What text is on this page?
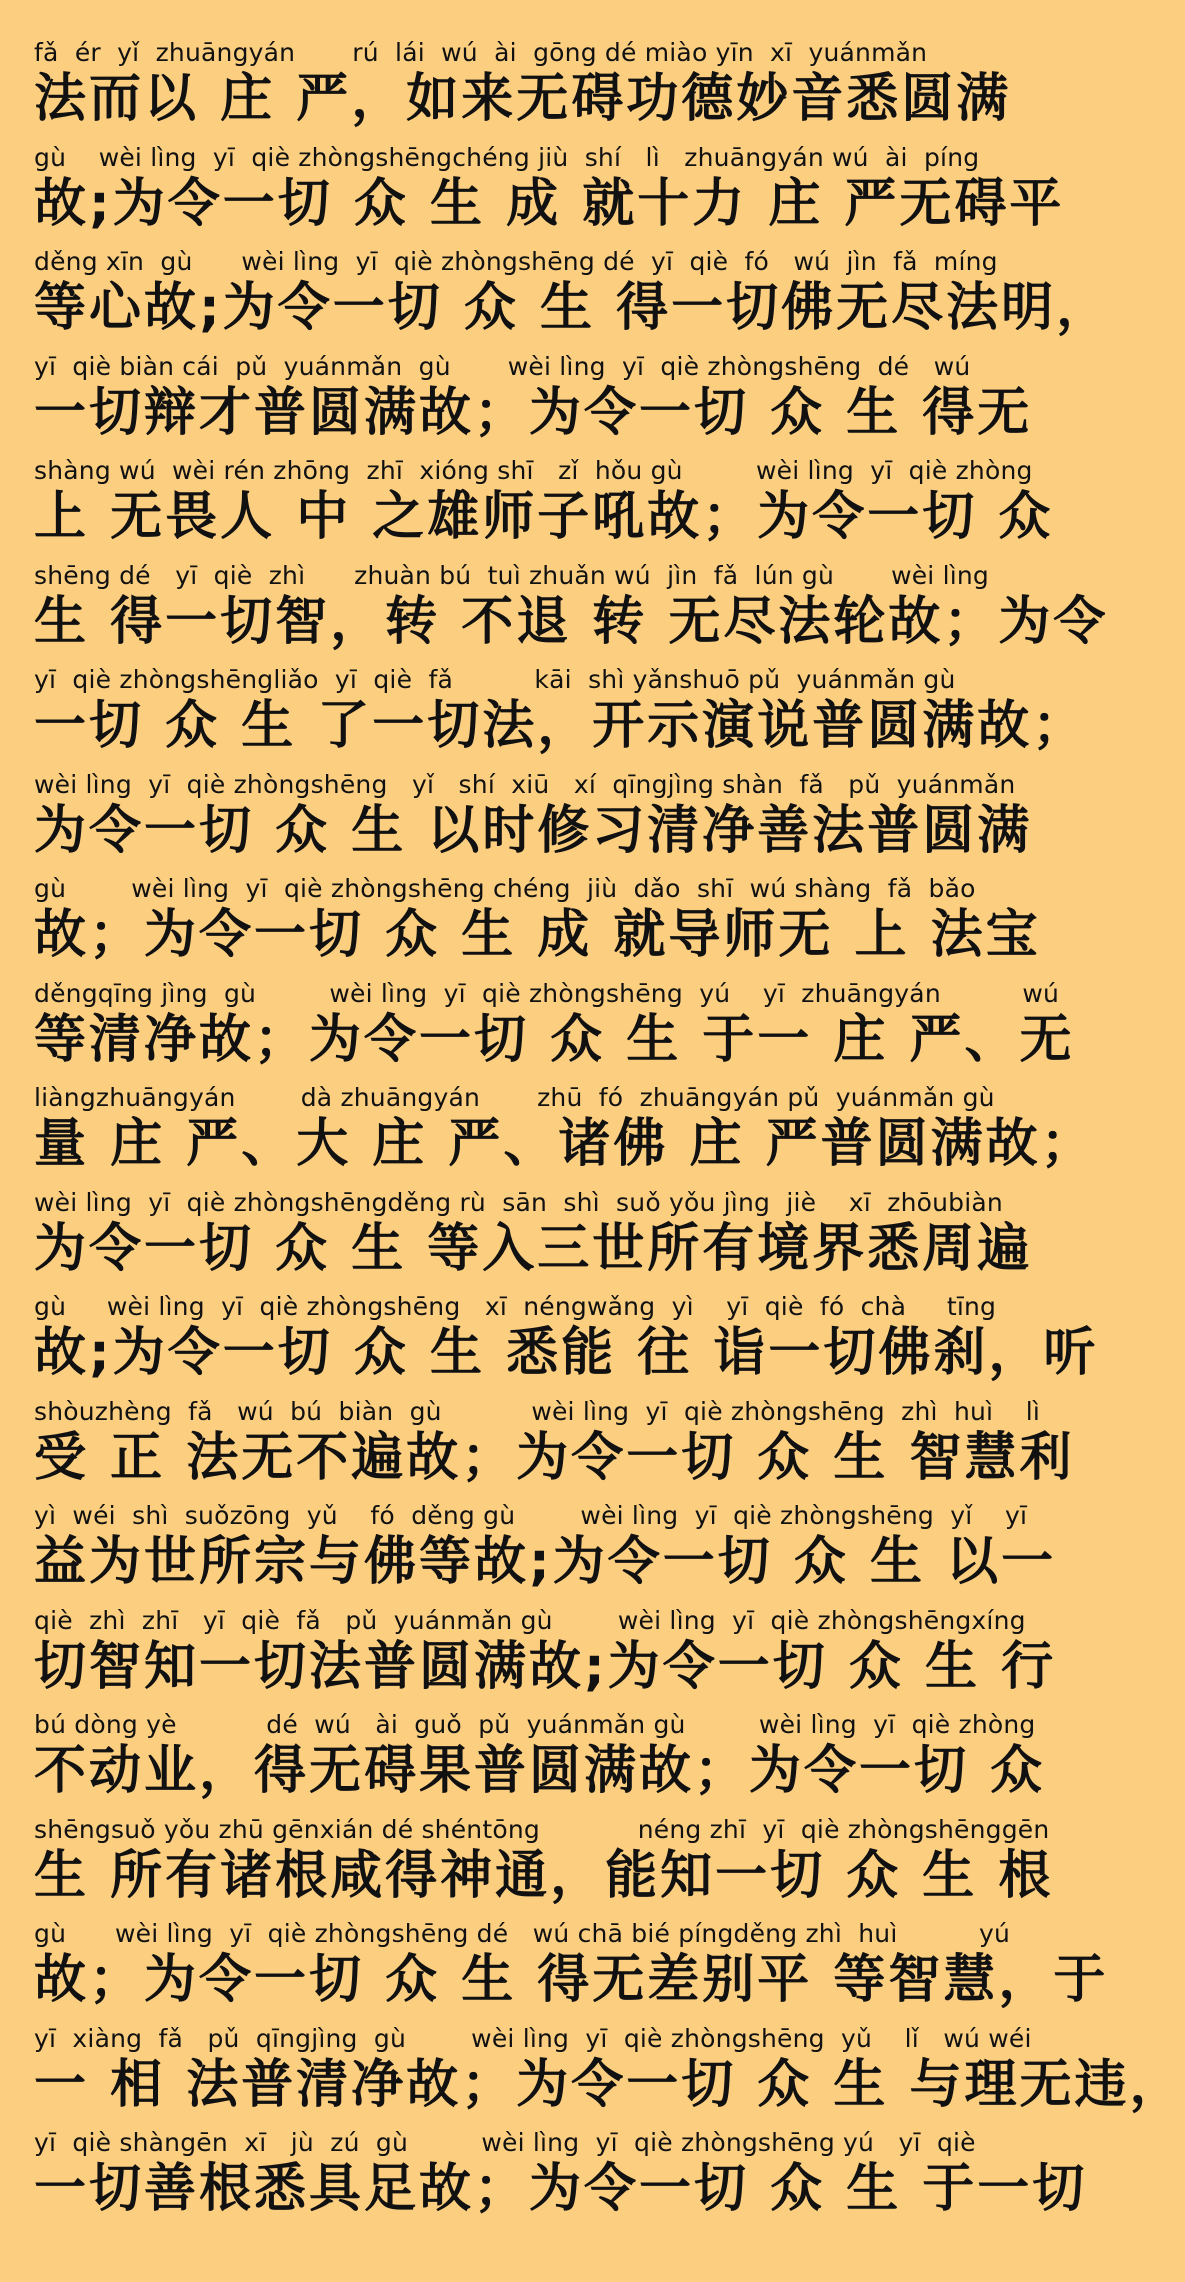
fǎ  ér  yǐ  zhuāngyán       rú  lái  wú  ài  gōng dé miào yīn  xī  yuánmǎn
法而以 庄 严，如来无碍功德妙音悉圆满
gù    wèi lìng  yī  qiè zhòngshēngchéng jiù  shí   lì   zhuāngyán wú  ài  píng
故;为令一切 众 生 成 就十力 庄 严无碍平
děng xīn  gù      wèi lìng  yī  qiè zhòngshēng dé  yī  qiè  fó   wú  jìn  fǎ  míng
等心故;为令一切 众 生 得一切佛无尽法明，
yī  qiè biàn cái  pǔ  yuánmǎn  gù       wèi lìng  yī  qiè zhòngshēng  dé   wú
一切辩才普圆满故；为令一切 众 生 得无
shàng wú  wèi rén zhōng  zhī  xióng shī   zǐ  hǒu gù         wèi lìng  yī  qiè zhòng
上 无畏人 中 之雄师子吼故；为令一切 众
shēng dé   yī  qiè  zhì      zhuàn bú  tuì zhuǎn wú  jìn  fǎ  lún gù       wèi lìng
生 得一切智，转 不退 转 无尽法轮故；为令
yī  qiè zhòngshēngliǎo  yī  qiè  fǎ          kāi  shì yǎnshuō pǔ  yuánmǎn gù
一切 众 生 了一切法，开示演说普圆满故；
wèi lìng  yī  qiè zhòngshēng   yǐ   shí  xiū   xí  qīngjìng shàn  fǎ   pǔ  yuánmǎn
为令一切 众 生 以时修习清净善法普圆满
gù        wèi lìng  yī  qiè zhòngshēng chéng  jiù  dǎo  shī  wú shàng  fǎ  bǎo
故；为令一切 众 生 成 就导师无 上 法宝
děngqīng jìng  gù         wèi lìng  yī  qiè zhòngshēng  yú    yī  zhuāngyán          wú
等清净故；为令一切 众 生 于一 庄 严、无
liàngzhuāngyán        dà zhuāngyán       zhū  fó  zhuāngyán pǔ  yuánmǎn gù
量 庄 严、大 庄 严、诸佛 庄 严普圆满故；
wèi lìng  yī  qiè zhòngshēngděng rù  sān  shì  suǒ yǒu jìng  jiè    xī  zhōubiàn
为令一切 众 生 等入三世所有境界悉周遍
gù     wèi lìng  yī  qiè zhòngshēng   xī  néngwǎng  yì    yī  qiè  fó  chà     tīng
故;为令一切 众 生 悉能 往 诣一切佛刹，听
shòuzhèng  fǎ   wú  bú  biàn  gù           wèi lìng  yī  qiè zhòngshēng  zhì  huì    lì
受 正 法无不遍故；为令一切 众 生 智慧利
yì  wéi  shì  suǒzōng  yǔ    fó  děng gù        wèi lìng  yī  qiè zhòngshēng  yǐ    yī
益为世所宗与佛等故;为令一切 众 生 以一
qiè  zhì  zhī   yī  qiè  fǎ   pǔ  yuánmǎn gù        wèi lìng  yī  qiè zhòngshēngxíng
切智知一切法普圆满故;为令一切 众 生 行
bú dòng yè           dé  wú   ài  guǒ  pǔ  yuánmǎn gù         wèi lìng  yī  qiè zhòng
不动业，得无碍果普圆满故；为令一切 众
shēngsuǒ yǒu zhū gēnxián dé shéntōng            néng zhī  yī  qiè zhòngshēnggēn
生 所有诸根咸得神通，能知一切 众 生 根
gù      wèi lìng  yī  qiè zhòngshēng dé   wú chā bié píngděng zhì  huì          yú
故；为令一切 众 生 得无差别平 等智慧，于
yī  xiàng  fǎ   pǔ  qīngjìng  gù        wèi lìng  yī  qiè zhòngshēng  yǔ    lǐ   wú wéi
一 相 法普清净故；为令一切 众 生 与理无违，
yī  qiè shàngēn  xī   jù  zú  gù         wèi lìng  yī  qiè zhòngshēng yú   yī  qiè
一切善根悉具足故；为令一切 众 生 于一切
